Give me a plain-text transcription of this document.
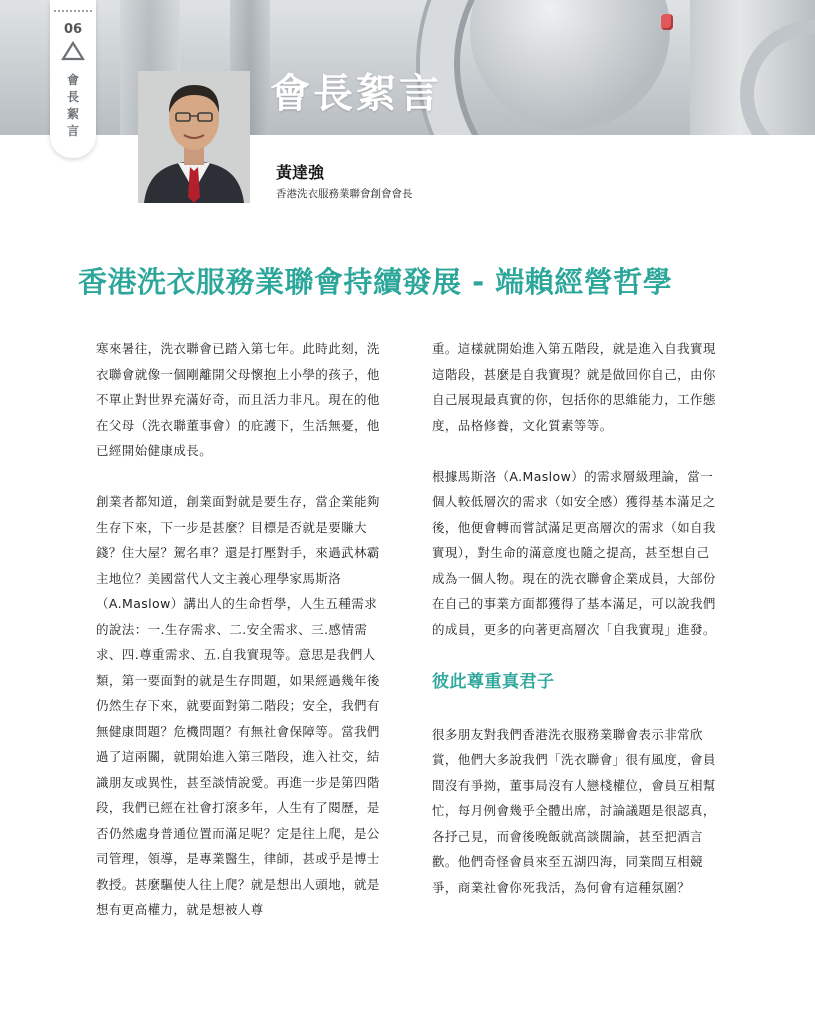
會長絮言
06
會長絮言
黃達強

香港洗衣服務業聯會創會會長

香港洗衣服務業聯會持續發展 - 端賴經營哲學

寒來暑往，洗衣聯會已踏入第七年。此時此刻，洗衣聯會就像一個剛離開父母懷抱上小學的孩子，他不單止對世界充滿好奇，而且活力非凡。現在的他在父母（洗衣聯董事會）的庇護下，生活無憂，他已經開始健康成長。

創業者都知道，創業面對就是要生存，當企業能夠生存下來，下一步是甚麼？目標是否就是要賺大錢？住大屋？駕名車？還是打壓對手，來過武林霸主地位？美國當代人文主義心理學家馬斯洛（A.Maslow）講出人的生命哲學，人生五種需求的說法：一.生存需求、二.安全需求、三.感情需求、四.尊重需求、五.自我實現等。意思是我們人類，第一要面對的就是生存問題，如果經過幾年後仍然生存下來，就要面對第二階段；安全，我們有無健康問題？危機問題？有無社會保障等。當我們過了這兩關，就開始進入第三階段，進入社交，結識朋友或異性，甚至談情說愛。再進一步是第四階段，我們已經在社會打滾多年，人生有了閱歷，是否仍然處身普通位置而滿足呢？定是往上爬，是公司管理，領導，是專業醫生，律師，甚或乎是博士教授。甚麼驅使人往上爬？就是想出人頭地，就是想有更高權力，就是想被人尊

重。這樣就開始進入第五階段，就是進入自我實現這階段，甚麼是自我實現？就是做回你自己，由你自己展現最真實的你，包括你的思維能力，工作態度，品格修養，文化質素等等。

根據馬斯洛（A.Maslow）的需求層級理論，當一個人較低層次的需求（如安全感）獲得基本滿足之後，他便會轉而嘗試滿足更高層次的需求（如自我實現），對生命的滿意度也隨之提高，甚至想自己成為一個人物。現在的洗衣聯會企業成員，大部份在自己的事業方面都獲得了基本滿足，可以說我們的成員，更多的向著更高層次「自我實現」進發。

彼此尊重真君子

很多朋友對我們香港洗衣服務業聯會表示非常欣賞，他們大多說我們「洗衣聯會」很有風度，會員間沒有爭拗，董事局沒有人戀棧權位，會員互相幫忙，每月例會幾乎全體出席，討論議題是很認真，各抒己見，而會後晚飯就高談闊論，甚至把酒言歡。他們奇怪會員來至五湖四海，同業間互相競爭，商業社會你死我活，為何會有這種氛圍？
